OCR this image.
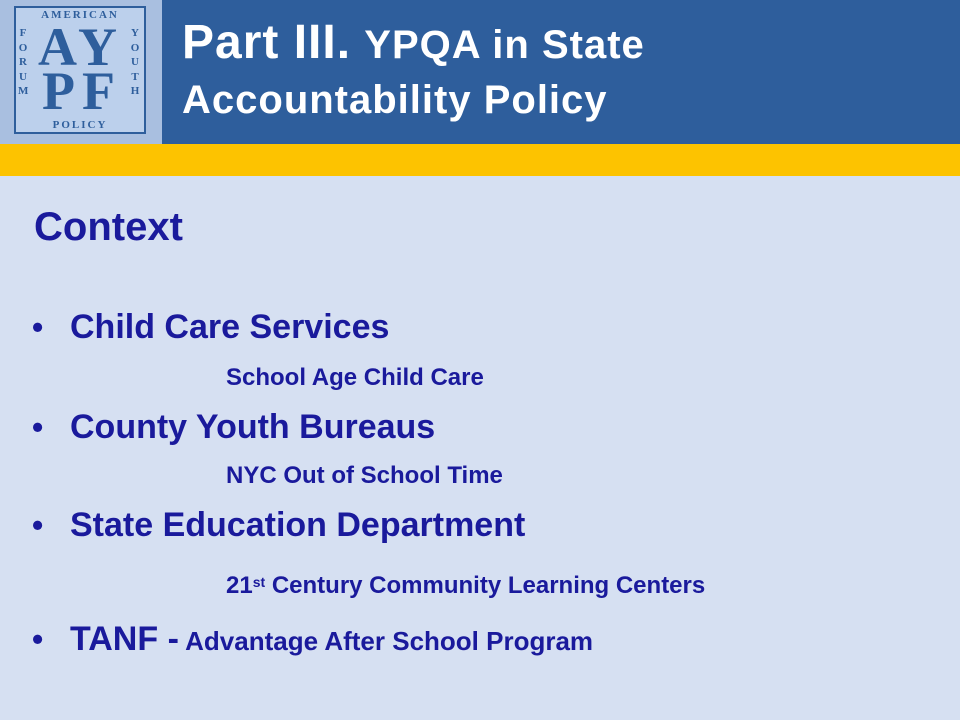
AMERICAN
F
O
R
U
M
Y
O
U
T
H
POLICY
A Y
P F
Part III. YPQA in State
Accountability Policy
Context
• Child Care Services
School Age Child Care
• County Youth Bureaus
NYC Out of School Time
• State Education Department
21st Century Community Learning Centers
• TANF - Advantage After School Program
